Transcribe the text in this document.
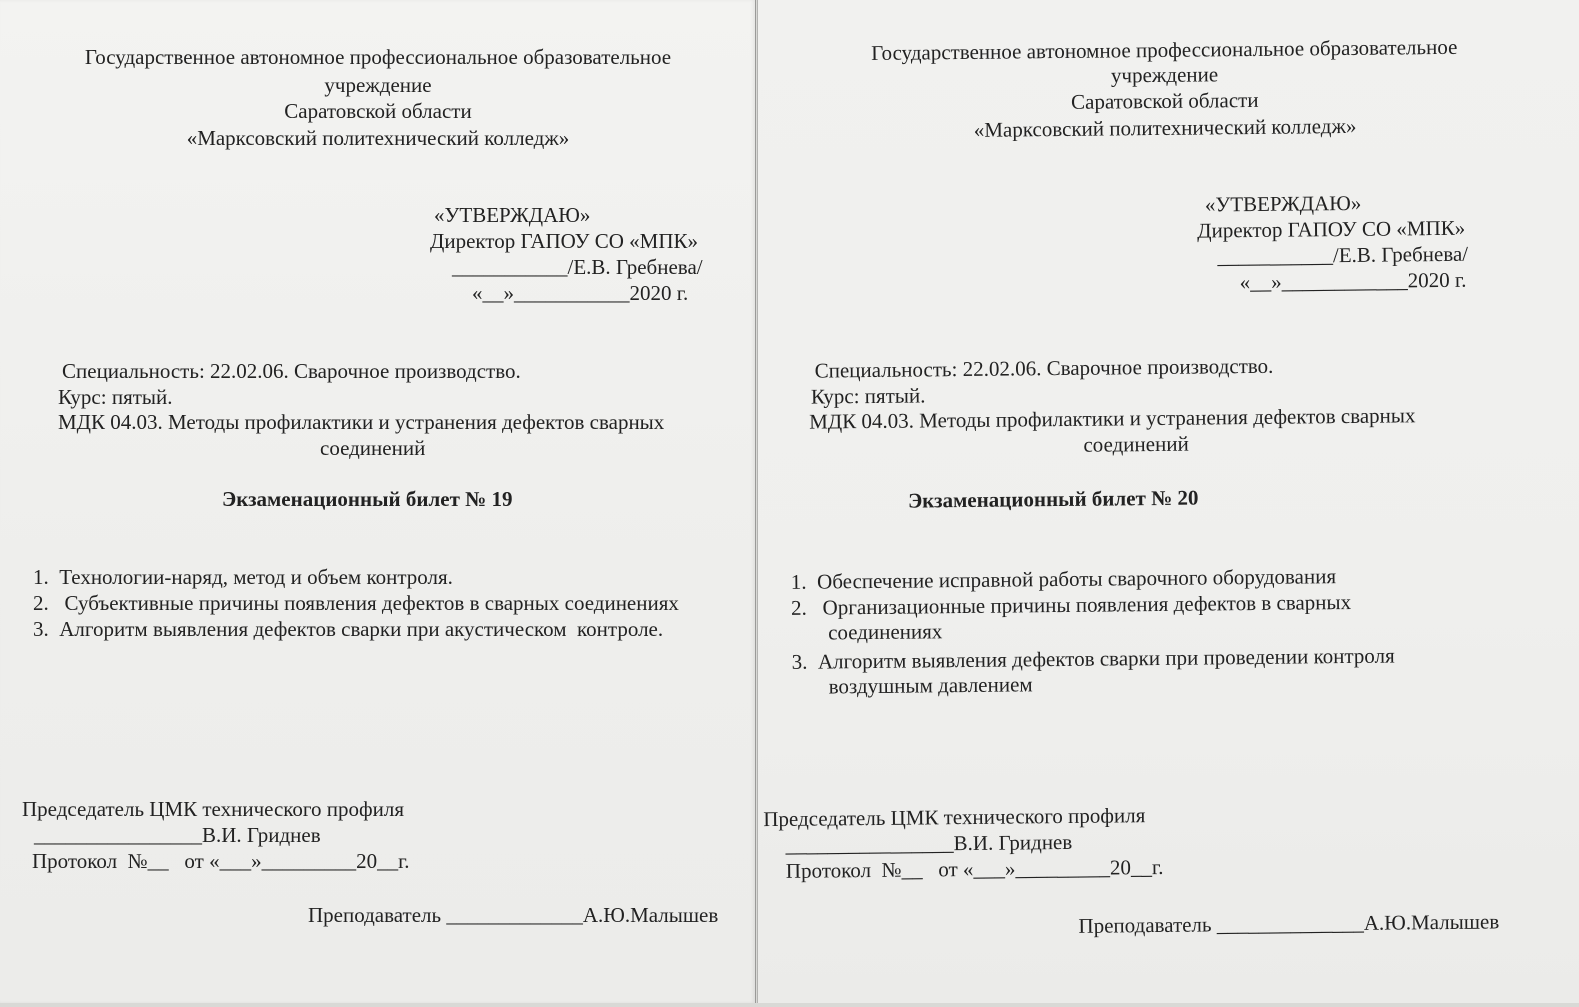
Государственное автономное профессиональное образовательное
учреждение
Саратовской области
«Марксовский политехнический колледж»
«УТВЕРЖДАЮ»
Директор ГАПОУ СО «МПК»
___________/Е.В. Гребнева/
«__»___________2020 г.
Специальность: 22.02.06. Сварочное производство.
Курс: пятый.
МДК 04.03. Методы профилактики и устранения дефектов сварных
соединений
Экзаменационный билет № 19
1.  Технологии-наряд, метод и объем контроля.
2.   Субъективные причины появления дефектов в сварных соединениях
3.  Алгоритм выявления дефектов сварки при акустическом  контроле.
Председатель ЦМК технического профиля
________________В.И. Гриднев
Протокол  №__   от «___»_________20__г.
Преподаватель _____________А.Ю.Малышев
Государственное автономное профессиональное образовательное
учреждение
Саратовской области
«Марксовский политехнический колледж»
«УТВЕРЖДАЮ»
Директор ГАПОУ СО «МПК»
___________/Е.В. Гребнева/
«__»____________2020 г.
Специальность: 22.02.06. Сварочное производство.
Курс: пятый.
МДК 04.03. Методы профилактики и устранения дефектов сварных
соединений
Экзаменационный билет № 20
1.  Обеспечение исправной работы сварочного оборудования
2.   Организационные причины появления дефектов в сварных
соединениях
3.  Алгоритм выявления дефектов сварки при проведении контроля
воздушным давлением
Председатель ЦМК технического профиля
________________В.И. Гриднев
Протокол  №__   от «___»_________20__г.
Преподаватель ______________А.Ю.Малышев
